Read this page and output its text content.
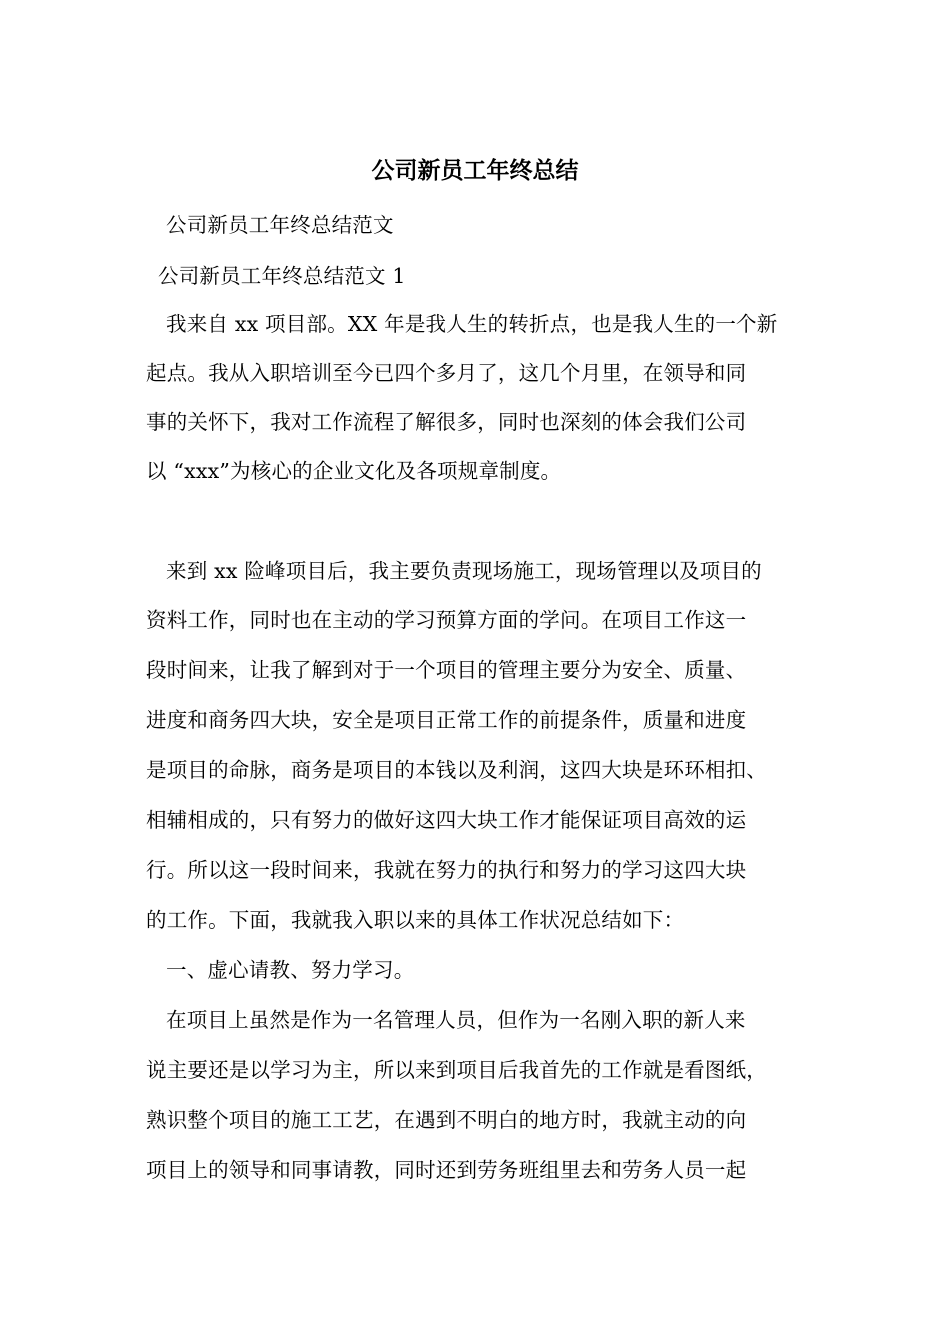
公司新员工年终总结
公司新员工年终总结范文
公司新员工年终总结范文 1
我来自 xx 项目部。XX 年是我人生的转折点，也是我人生的一个新
起点。我从入职培训至今已四个多月了，这几个月里，在领导和同
事的关怀下，我对工作流程了解很多，同时也深刻的体会我们公司
以 “xxx”为核心的企业文化及各项规章制度。
来到 xx 险峰项目后，我主要负责现场施工，现场管理以及项目的
资料工作，同时也在主动的学习预算方面的学问。在项目工作这一
段时间来，让我了解到对于一个项目的管理主要分为安全、质量、
进度和商务四大块，安全是项目正常工作的前提条件，质量和进度
是项目的命脉，商务是项目的本钱以及利润，这四大块是环环相扣、
相辅相成的，只有努力的做好这四大块工作才能保证项目高效的运
行。所以这一段时间来，我就在努力的执行和努力的学习这四大块
的工作。下面，我就我入职以来的具体工作状况总结如下：
一、虚心请教、努力学习。
在项目上虽然是作为一名管理人员，但作为一名刚入职的新人来
说主要还是以学习为主，所以来到项目后我首先的工作就是看图纸，
熟识整个项目的施工工艺，在遇到不明白的地方时，我就主动的向
项目上的领导和同事请教，同时还到劳务班组里去和劳务人员一起
